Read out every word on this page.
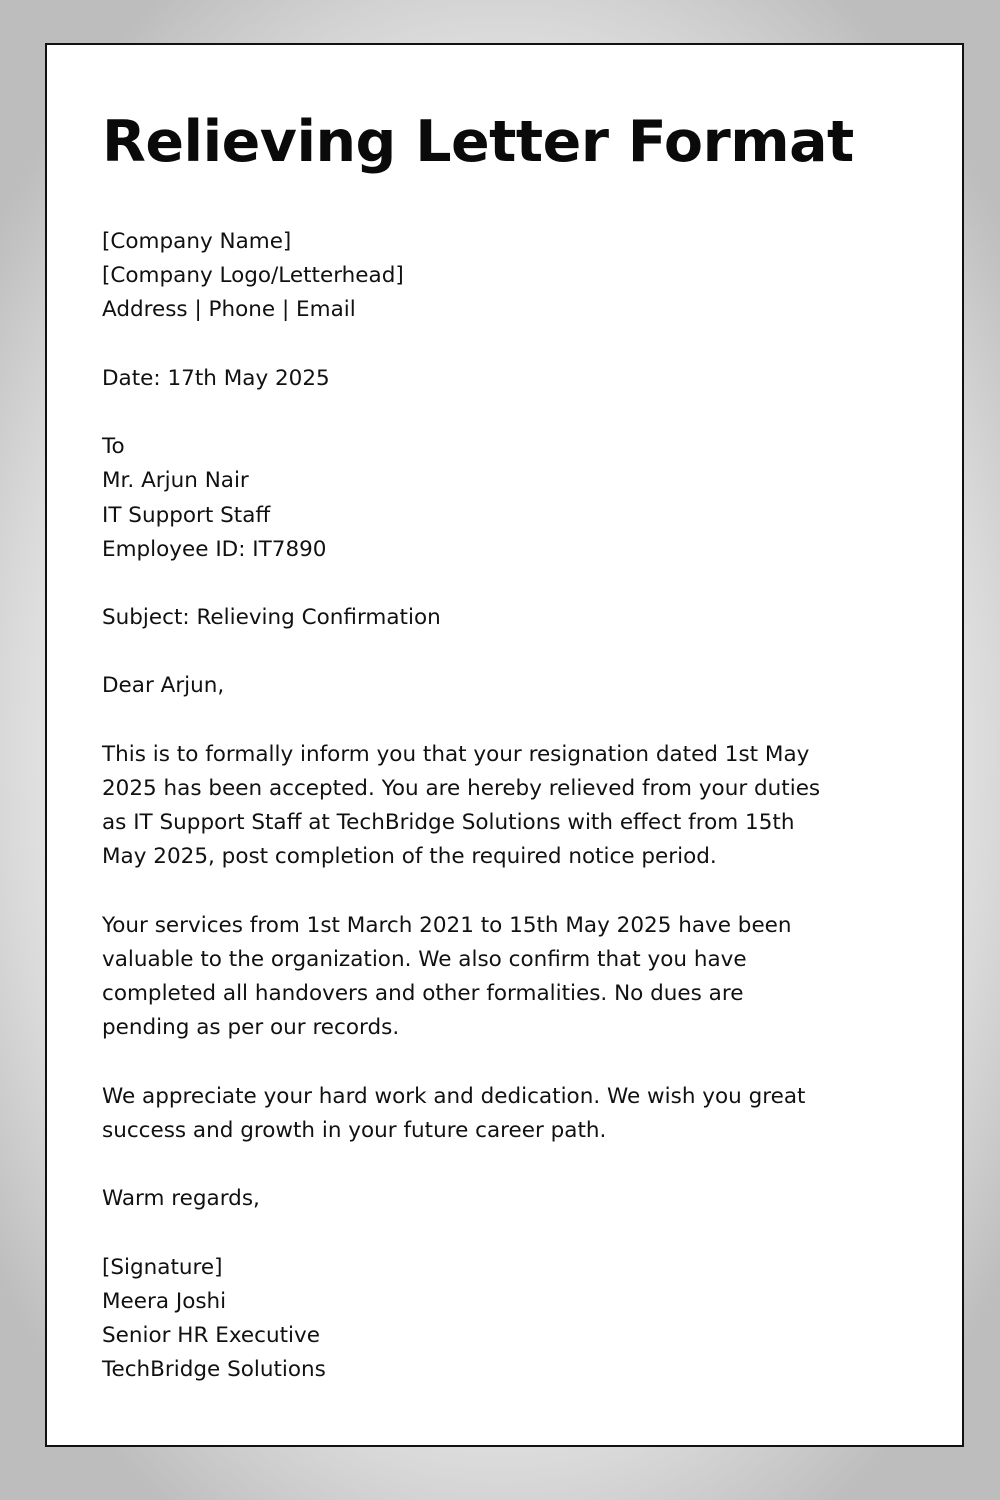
Relieving Letter Format

[Company Name]

[Company Logo/Letterhead]

Address | Phone | Email

Date: 17th May 2025

To

Mr. Arjun Nair

IT Support Staff

Employee ID: IT7890

Subject: Relieving Confirmation

Dear Arjun,

This is to formally inform you that your resignation dated 1st May

2025 has been accepted. You are hereby relieved from your duties

as IT Support Staff at TechBridge Solutions with effect from 15th

May 2025, post completion of the required notice period.

Your services from 1st March 2021 to 15th May 2025 have been

valuable to the organization. We also confirm that you have

completed all handovers and other formalities. No dues are

pending as per our records.

We appreciate your hard work and dedication. We wish you great

success and growth in your future career path.

Warm regards,

[Signature]

Meera Joshi

Senior HR Executive

TechBridge Solutions
